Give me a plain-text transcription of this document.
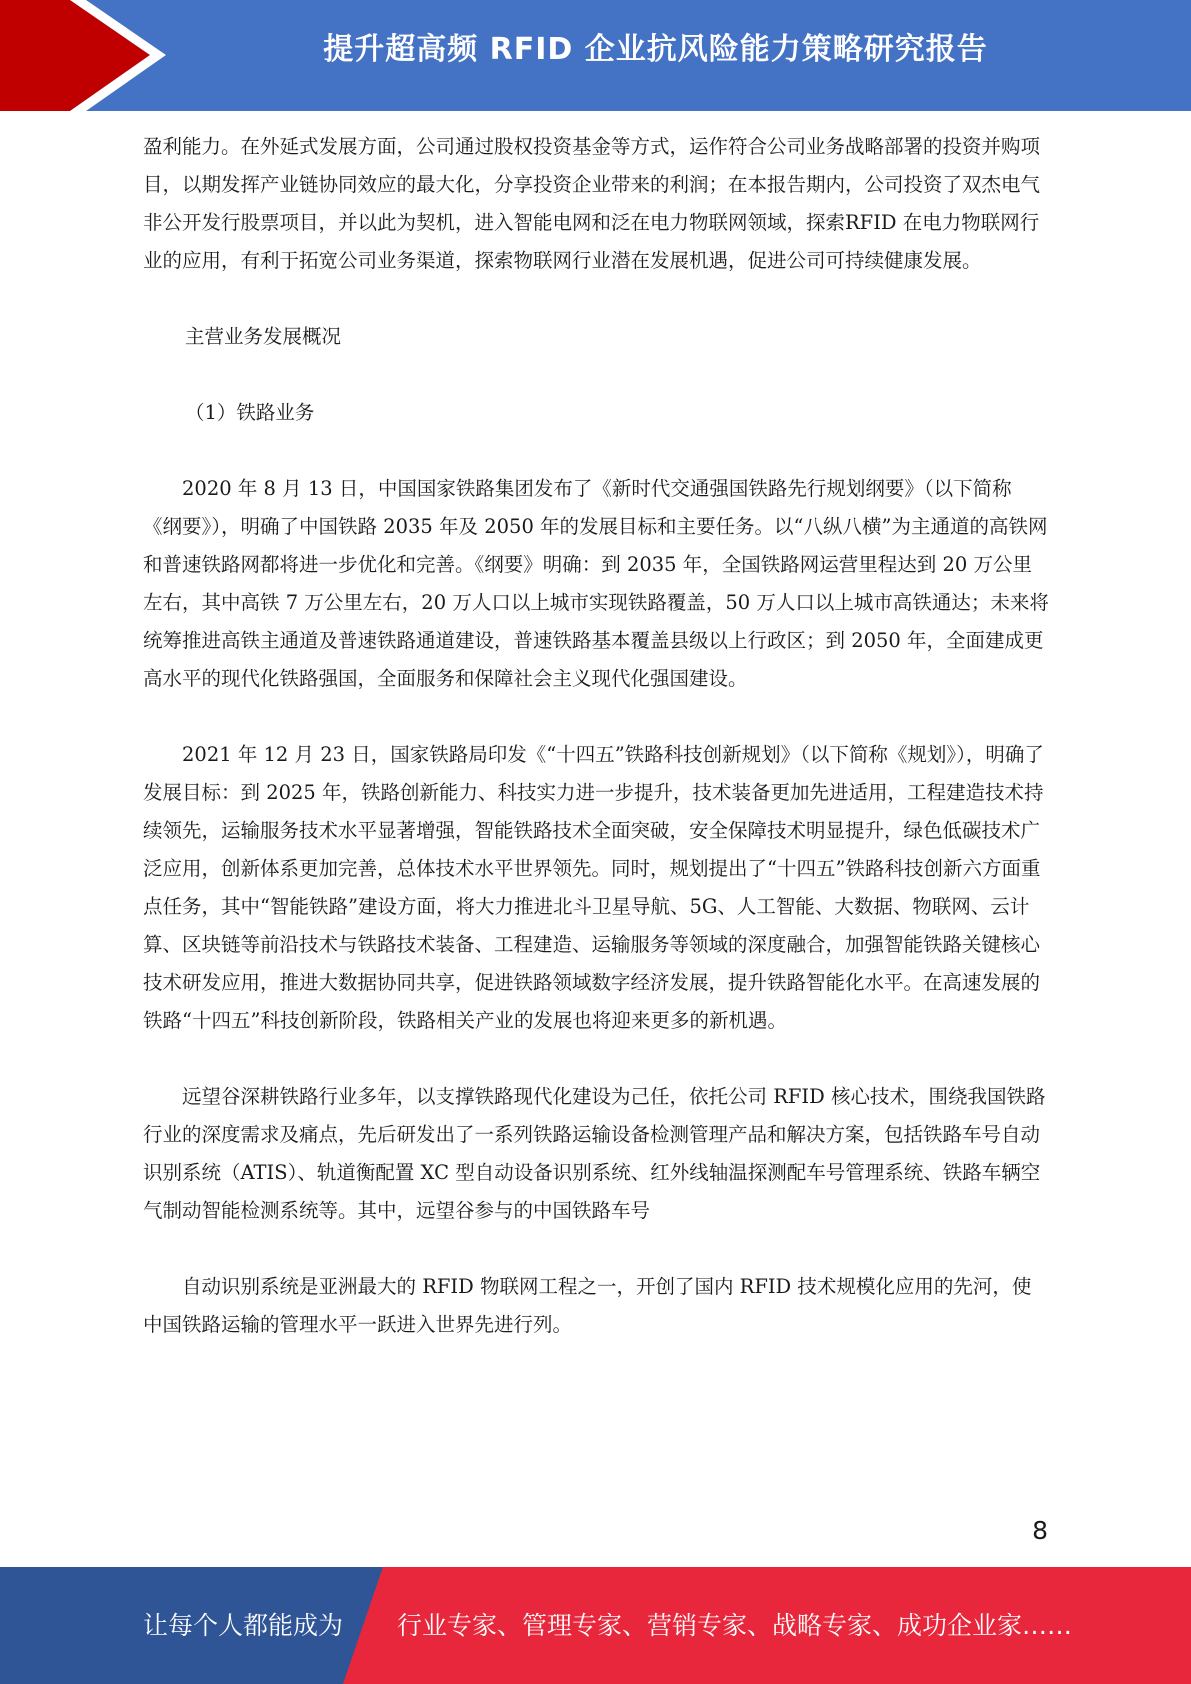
提升超高频 RFID 企业抗风险能力策略研究报告

盈利能力。在外延式发展方面，公司通过股权投资基金等方式，运作符合公司业务战略部署的投资并购项目，以期发挥产业链协同效应的最大化，分享投资企业带来的利润；在本报告期内，公司投资了双杰电气非公开发行股票项目，并以此为契机，进入智能电网和泛在电力物联网领域，探索RFID 在电力物联网行业的应用，有利于拓宽公司业务渠道，探索物联网行业潜在发展机遇，促进公司可持续健康发展。

主营业务发展概况

（1）铁路业务

2020 年 8 月 13 日，中国国家铁路集团发布了《新时代交通强国铁路先行规划纲要》（以下简称《纲要》），明确了中国铁路 2035 年及 2050 年的发展目标和主要任务。以“八纵八横”为主通道的高铁网和普速铁路网都将进一步优化和完善。《纲要》明确：到 2035 年，全国铁路网运营里程达到 20 万公里左右，其中高铁 7 万公里左右，20 万人口以上城市实现铁路覆盖，50 万人口以上城市高铁通达；未来将统筹推进高铁主通道及普速铁路通道建设，普速铁路基本覆盖县级以上行政区；到 2050 年，全面建成更高水平的现代化铁路强国，全面服务和保障社会主义现代化强国建设。

2021 年 12 月 23 日，国家铁路局印发《“十四五”铁路科技创新规划》（以下简称《规划》），明确了发展目标：到 2025 年，铁路创新能力、科技实力进一步提升，技术装备更加先进适用，工程建造技术持续领先，运输服务技术水平显著增强，智能铁路技术全面突破，安全保障技术明显提升，绿色低碳技术广泛应用，创新体系更加完善，总体技术水平世界领先。同时，规划提出了“十四五”铁路科技创新六方面重点任务，其中“智能铁路”建设方面，将大力推进北斗卫星导航、5G、人工智能、大数据、物联网、云计算、区块链等前沿技术与铁路技术装备、工程建造、运输服务等领域的深度融合，加强智能铁路关键核心技术研发应用，推进大数据协同共享，促进铁路领域数字经济发展，提升铁路智能化水平。在高速发展的铁路“十四五”科技创新阶段，铁路相关产业的发展也将迎来更多的新机遇。

远望谷深耕铁路行业多年，以支撑铁路现代化建设为己任，依托公司 RFID 核心技术，围绕我国铁路行业的深度需求及痛点，先后研发出了一系列铁路运输设备检测管理产品和解决方案，包括铁路车号自动识别系统（ATIS）、轨道衡配置 XC 型自动设备识别系统、红外线轴温探测配车号管理系统、铁路车辆空气制动智能检测系统等。其中，远望谷参与的中国铁路车号

自动识别系统是亚洲最大的 RFID 物联网工程之一，开创了国内 RFID 技术规模化应用的先河，使中国铁路运输的管理水平一跃进入世界先进行列。

8
让每个人都能成为 行业专家、管理专家、营销专家、战略专家、成功企业家……
